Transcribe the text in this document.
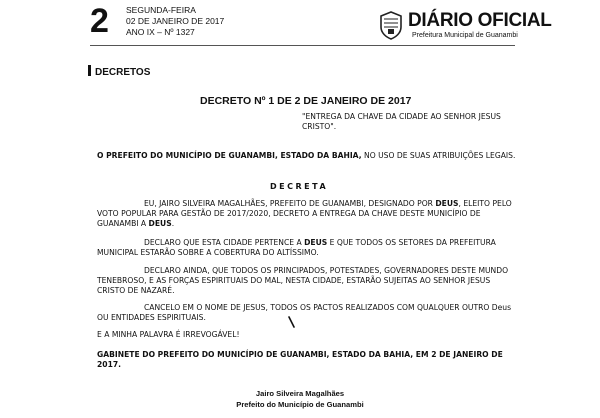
2 SEGUNDA-FEIRA
02 DE JANEIRO DE 2017
ANO IX – Nº 1327
DIÁRIO OFICIAL
Prefeitura Municipal de Guanambi
DECRETOS
DECRETO Nº 1 DE 2 DE JANEIRO DE 2017
"ENTREGA DA CHAVE DA CIDADE AO SENHOR JESUS CRISTO".
O PREFEITO DO MUNICÍPIO DE GUANAMBI, ESTADO DA BAHIA, NO USO DE SUAS ATRIBUIÇÕES LEGAIS.
DECRETA
EU, JAIRO SILVEIRA MAGALHÃES, PREFEITO DE GUANAMBI, DESIGNADO POR DEUS, ELEITO PELO VOTO POPULAR PARA GESTÃO DE 2017/2020, DECRETO A ENTREGA DA CHAVE DESTE MUNICÍPIO DE GUANAMBI A DEUS.
DECLARO QUE ESTA CIDADE PERTENCE A DEUS E QUE TODOS OS SETORES DA PREFEITURA MUNICIPAL ESTARÃO SOBRE A COBERTURA DO ALTÍSSIMO.
DECLARO AINDA, QUE TODOS OS PRINCIPADOS, POTESTADES, GOVERNADORES DESTE MUNDO TENEBROSO, E AS FORÇAS ESPIRITUAIS DO MAL, NESTA CIDADE, ESTARÃO SUJEITAS AO SENHOR JESUS CRISTO DE NAZARÉ.
CANCELO EM O NOME DE JESUS, TODOS OS PACTOS REALIZADOS COM QUALQUER OUTRO Deus OU ENTIDADES ESPIRITUAIS.
E A MINHA PALAVRA É IRREVOGÁVEL!
GABINETE DO PREFEITO DO MUNICÍPIO DE GUANAMBI, ESTADO DA BAHIA, EM 2 DE JANEIRO DE 2017.
Jairo Silveira Magalhães
Prefeito do Município de Guanambi
